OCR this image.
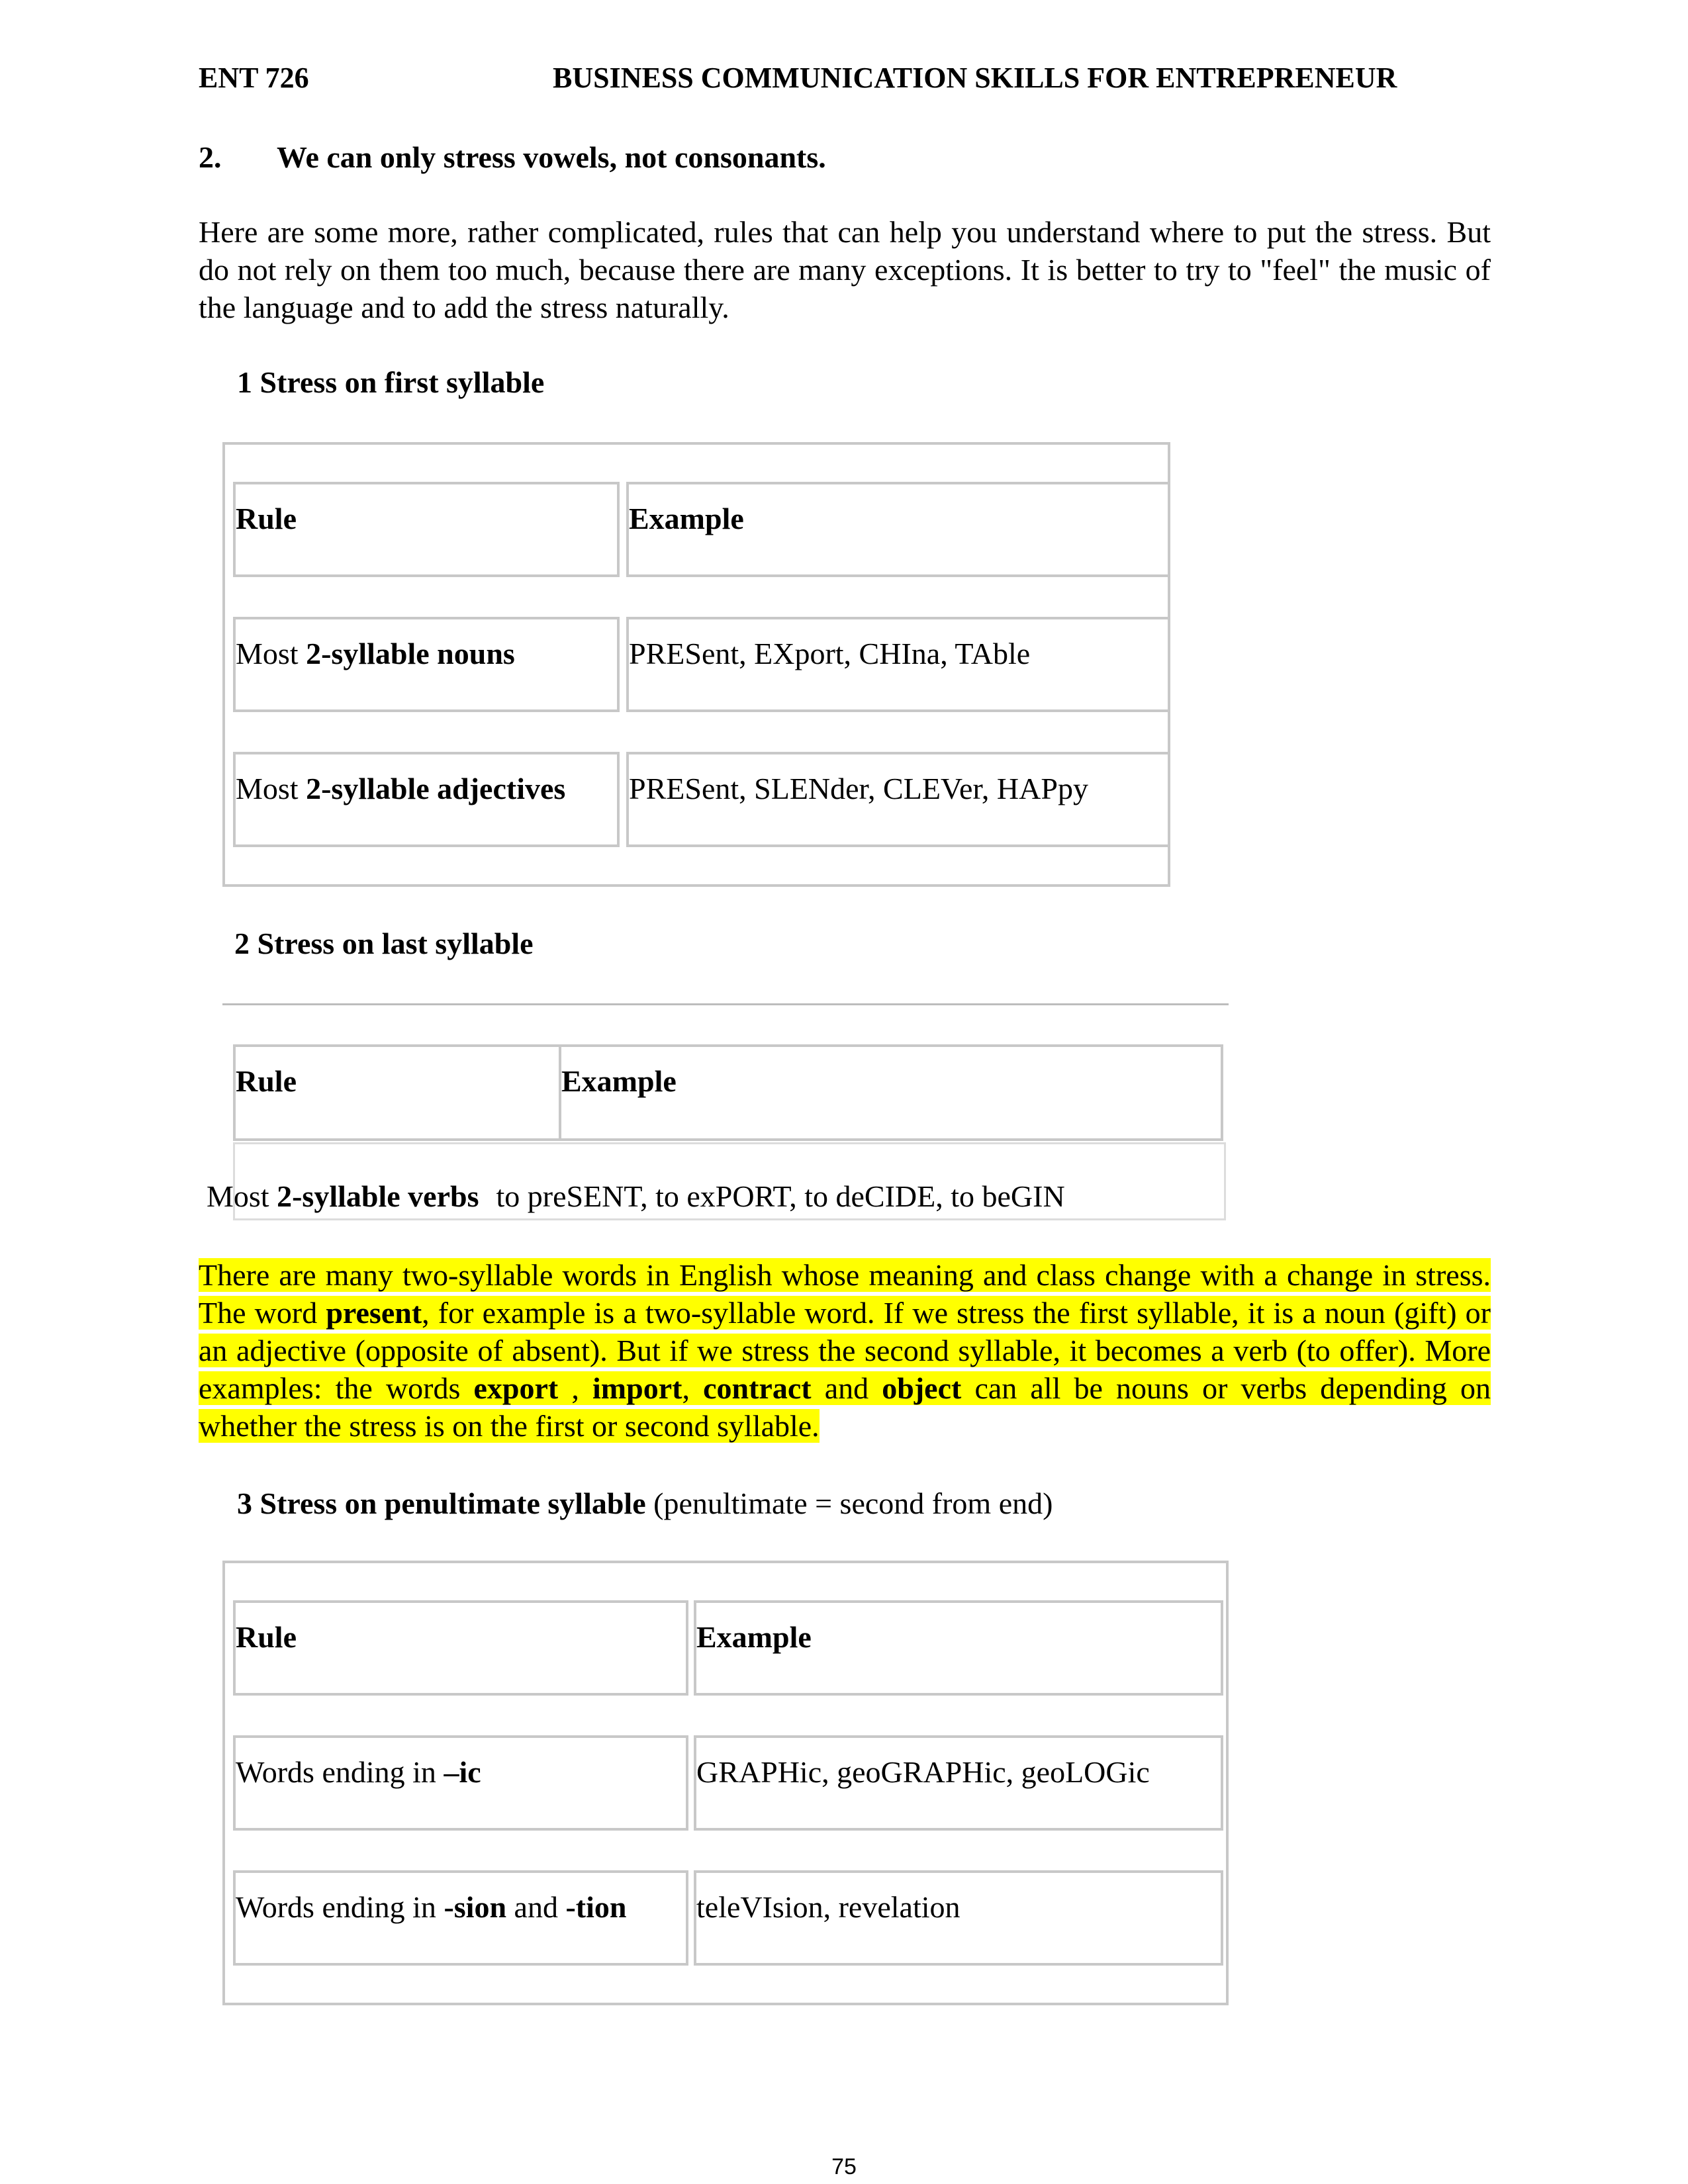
ENT 726	BUSINESS COMMUNICATION SKILLS FOR ENTREPRENEUR
2. We can only stress vowels, not consonants.
Here are some more, rather complicated, rules that can help you understand where to put the stress. But do not rely on them too much, because there are many exceptions. It is better to try to "feel" the music of the language and to add the stress naturally.
1 Stress on first syllable
Rule	Example
Most 2-syllable nouns	PRESent, EXport, CHIna, TAble
Most 2-syllable adjectives	PRESent, SLENder, CLEVer, HAPpy
2 Stress on last syllable
Rule	Example
Most 2-syllable verbs to preSENT, to exPORT, to deCIDE, to beGIN
There are many two-syllable words in English whose meaning and class change with a change in stress. The word present, for example is a two-syllable word. If we stress the first syllable, it is a noun (gift) or an adjective (opposite of absent). But if we stress the second syllable, it becomes a verb (to offer). More examples: the words export , import, contract and object can all be nouns or verbs depending on whether the stress is on the first or second syllable.
3 Stress on penultimate syllable (penultimate = second from end)
Rule	Example
Words ending in –ic	GRAPHic, geoGRAPHic, geoLOGic
Words ending in -sion and -tion	teleVIsion, revelation
75
